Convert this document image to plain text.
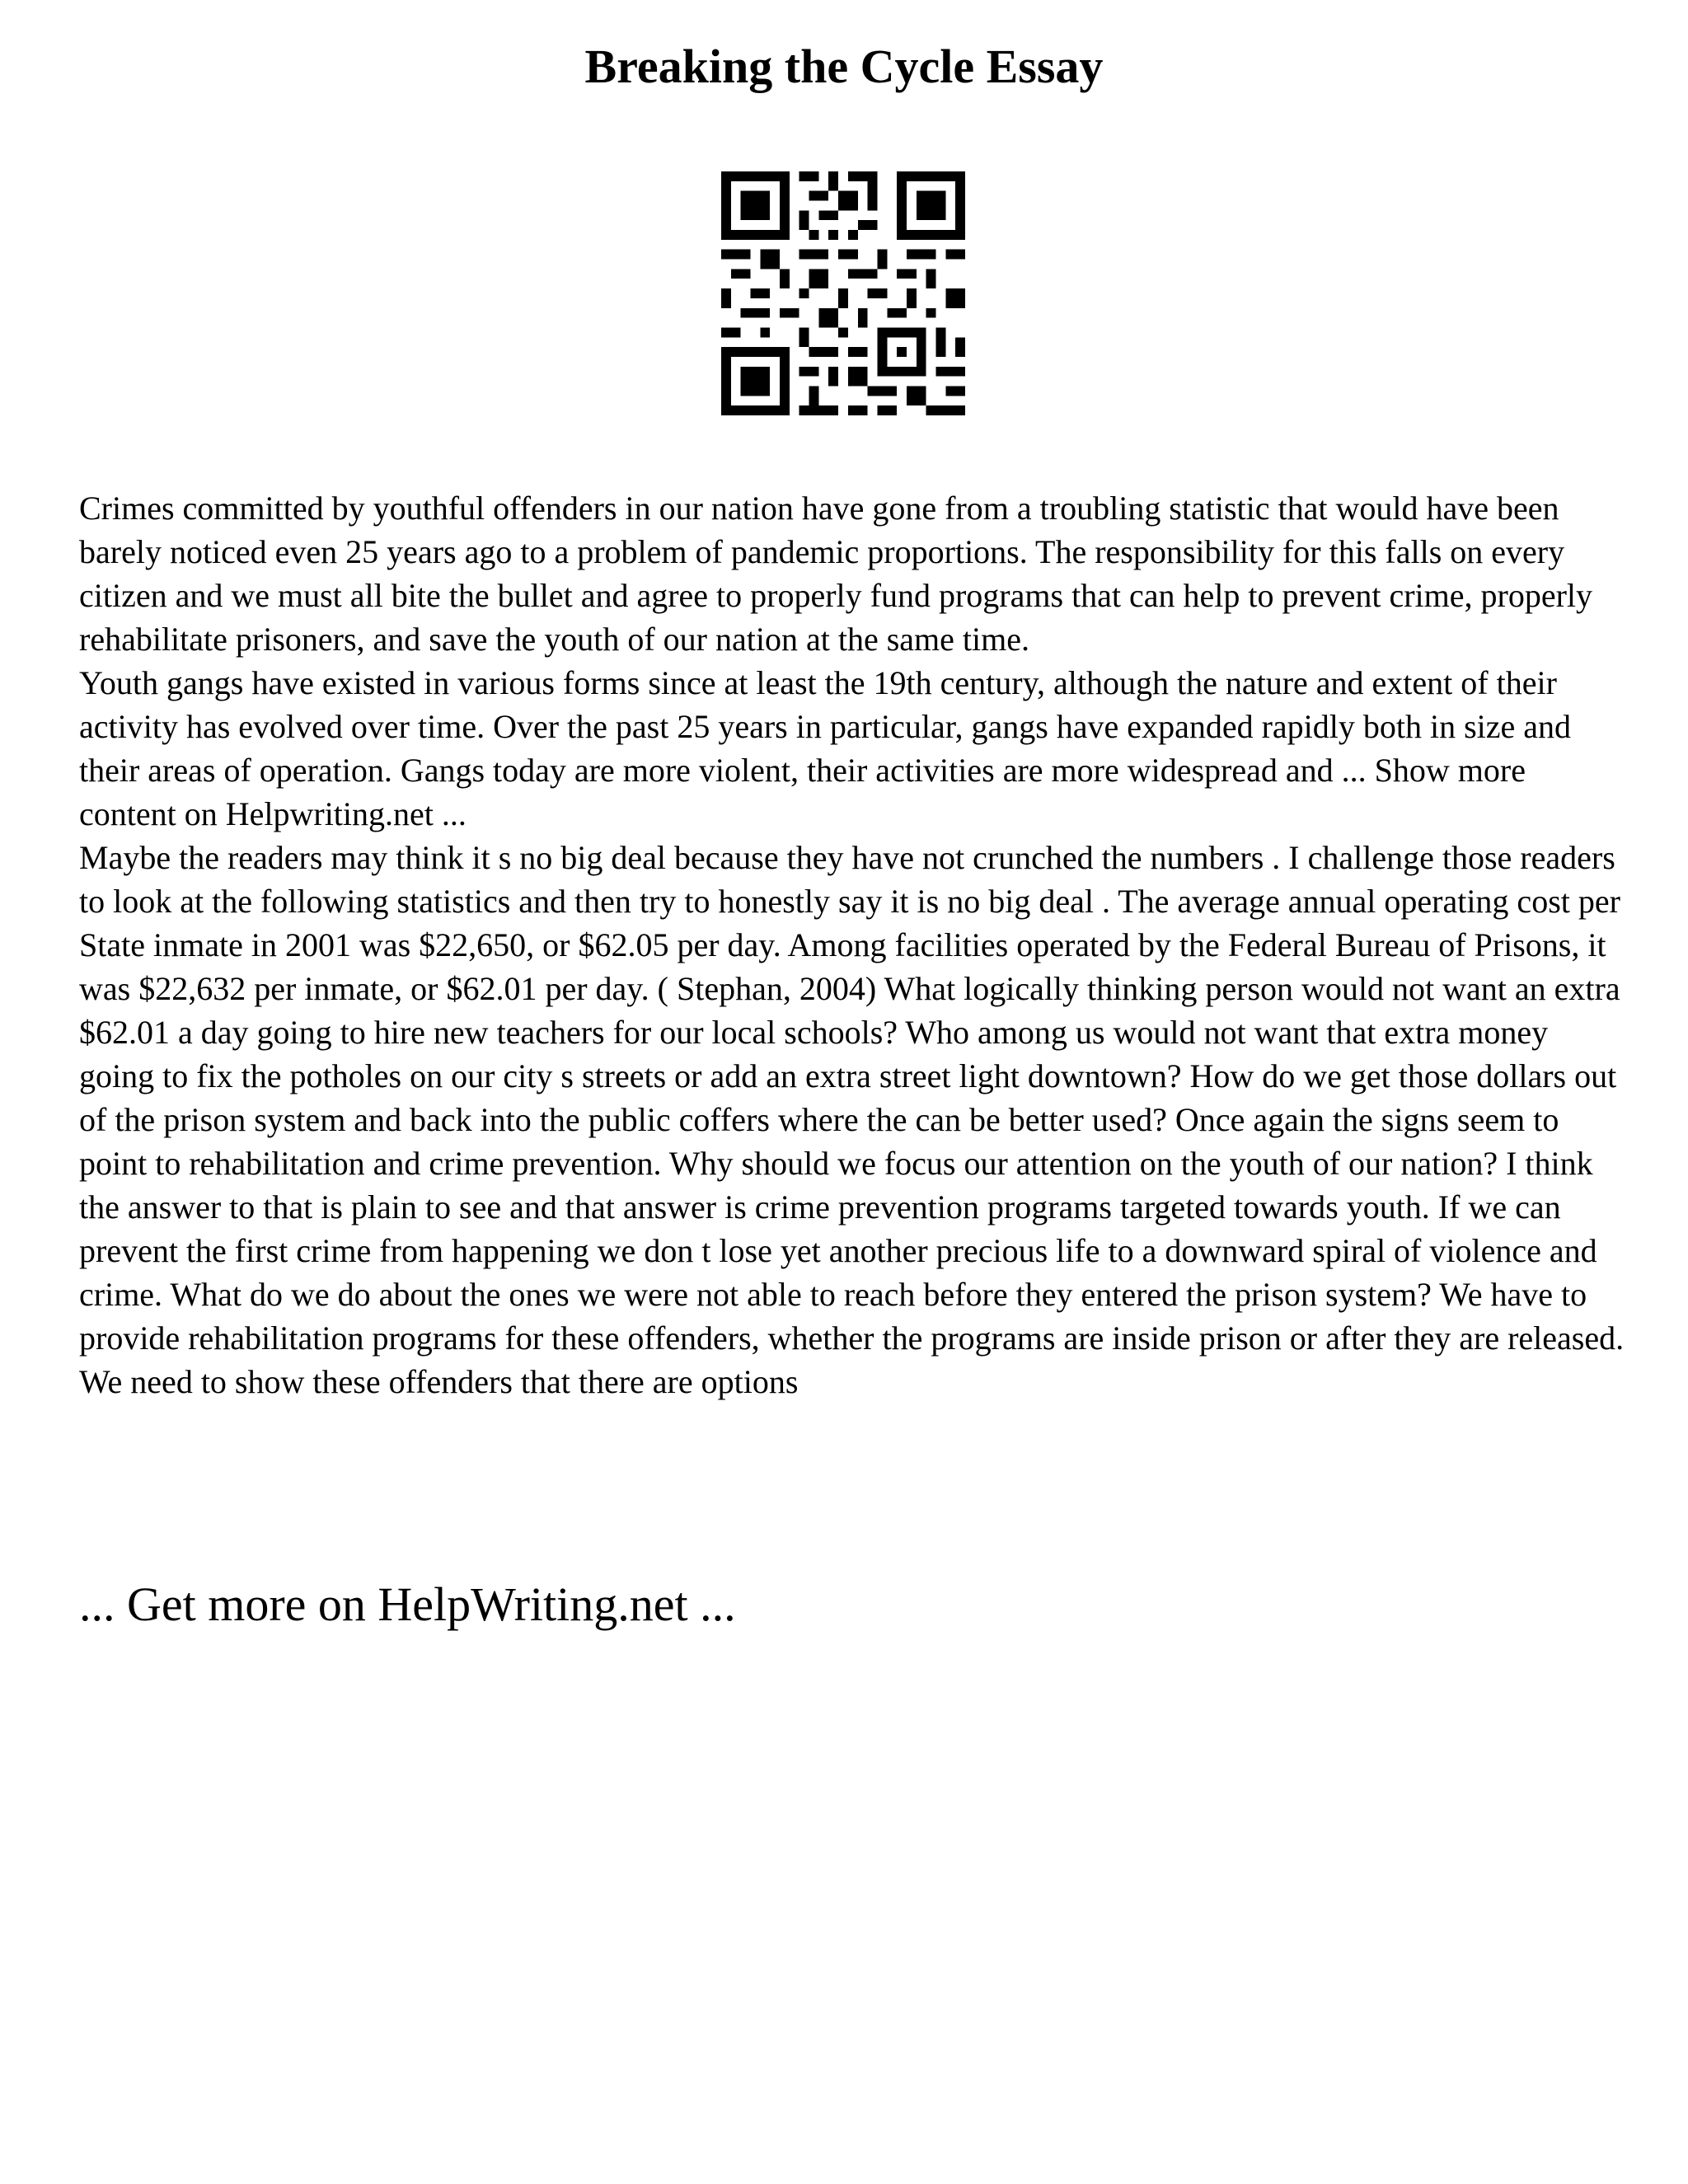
Breaking the Cycle Essay

Crimes committed by youthful offenders in our nation have gone from a troubling statistic that would have been barely noticed even 25 years ago to a problem of pandemic proportions. The responsibility for this falls on every citizen and we must all bite the bullet and agree to properly fund programs that can help to prevent crime, properly rehabilitate prisoners, and save the youth of our nation at the same time.

Youth gangs have existed in various forms since at least the 19th century, although the nature and extent of their activity has evolved over time. Over the past 25 years in particular, gangs have expanded rapidly both in size and their areas of operation. Gangs today are more violent, their activities are more widespread and ... Show more content on Helpwriting.net ...

Maybe the readers may think it s no big deal because they have not crunched the numbers . I challenge those readers to look at the following statistics and then try to honestly say it is no big deal . The average annual operating cost per State inmate in 2001 was $22,650, or $62.05 per day. Among facilities operated by the Federal Bureau of Prisons, it was $22,632 per inmate, or $62.01 per day. ( Stephan, 2004) What logically thinking person would not want an extra $62.01 a day going to hire new teachers for our local schools? Who among us would not want that extra money going to fix the potholes on our city s streets or add an extra street light downtown? How do we get those dollars out of the prison system and back into the public coffers where the can be better used? Once again the signs seem to point to rehabilitation and crime prevention. Why should we focus our attention on the youth of our nation? I think the answer to that is plain to see and that answer is crime prevention programs targeted towards youth. If we can prevent the first crime from happening we don t lose yet another precious life to a downward spiral of violence and crime. What do we do about the ones we were not able to reach before they entered the prison system? We have to provide rehabilitation programs for these offenders, whether the programs are inside prison or after they are released. We need to show these offenders that there are options

... Get more on HelpWriting.net ...
